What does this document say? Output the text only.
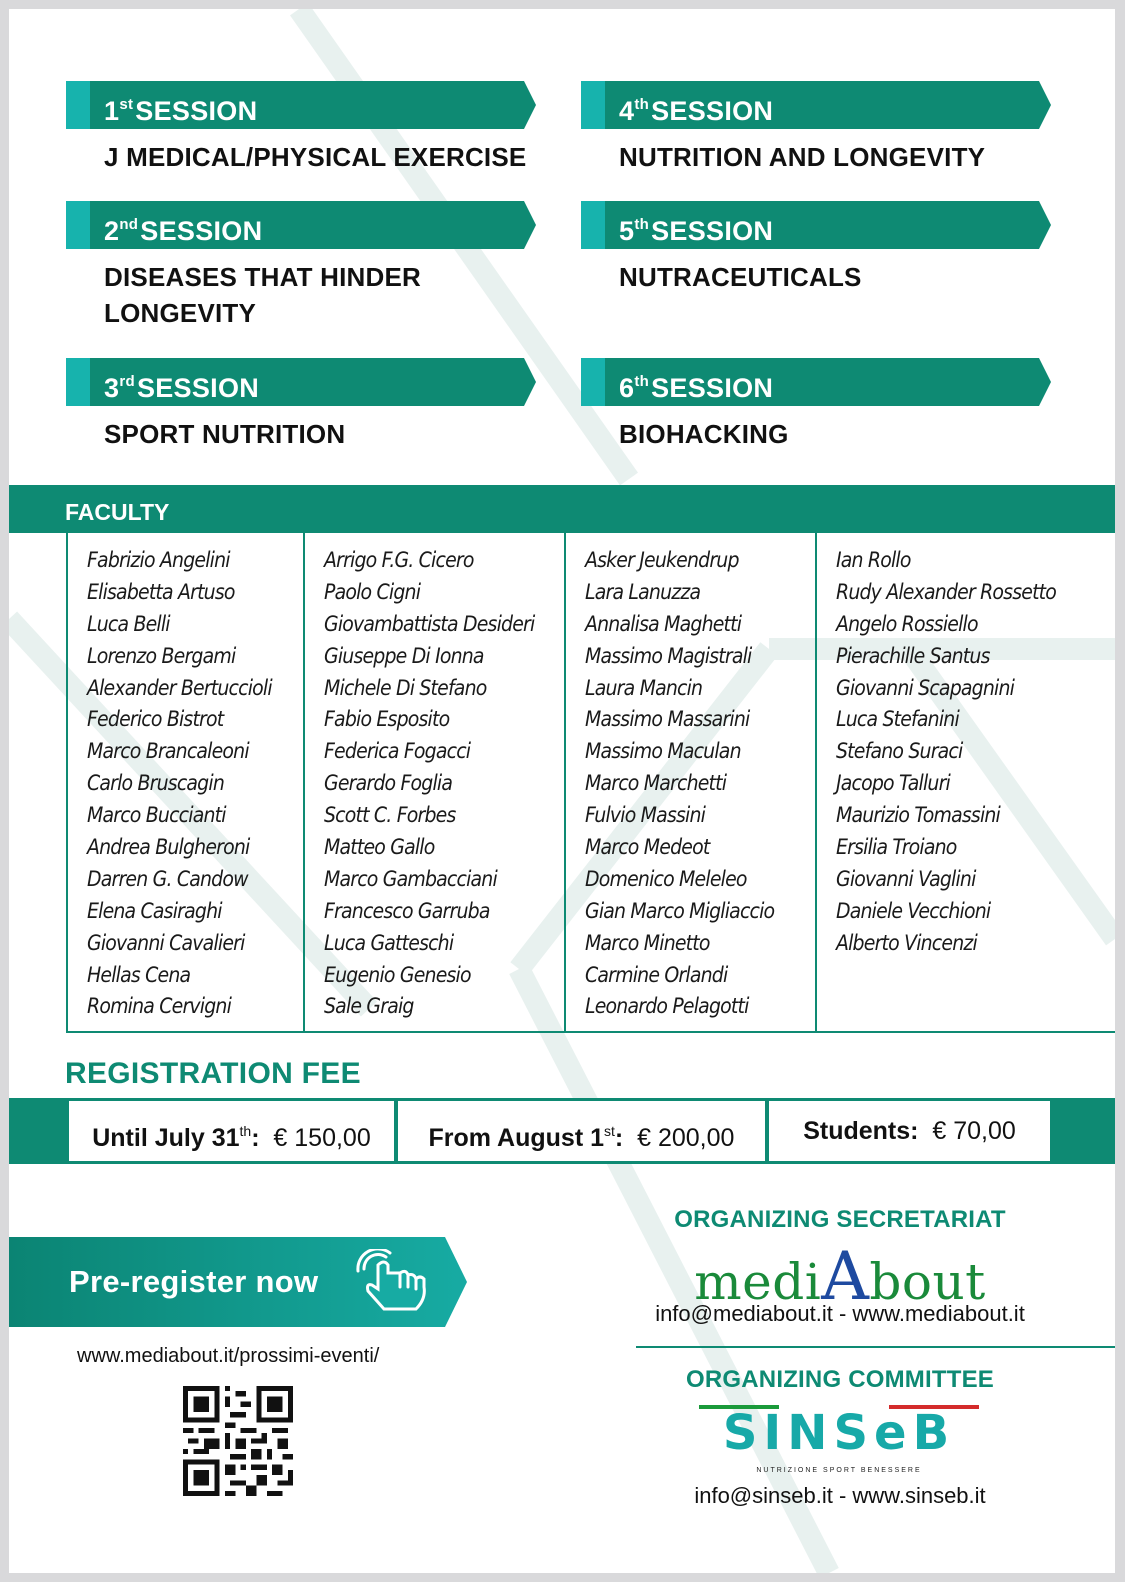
1stSESSION
J MEDICAL/PHYSICAL EXERCISE
2ndSESSION
DISEASES THAT HINDER LONGEVITY
3rdSESSION
SPORT NUTRITION
4thSESSION
NUTRITION AND LONGEVITY
5thSESSION
NUTRACEUTICALS
6thSESSION
BIOHACKING
FACULTY
Fabrizio Angelini
Elisabetta Artuso
Luca Belli
Lorenzo Bergami
Alexander Bertuccioli
Federico Bistrot
Marco Brancaleoni
Carlo Bruscagin
Marco Buccianti
Andrea Bulgheroni
Darren G. Candow
Elena Casiraghi
Giovanni Cavalieri
Hellas Cena
Romina Cervigni
Arrigo F.G. Cicero
Paolo Cigni
Giovambattista Desideri
Giuseppe Di Ionna
Michele Di Stefano
Fabio Esposito
Federica Fogacci
Gerardo Foglia
Scott C. Forbes
Matteo Gallo
Marco Gambacciani
Francesco Garruba
Luca Gatteschi
Eugenio Genesio
Sale Graig
Asker Jeukendrup
Lara Lanuzza
Annalisa Maghetti
Massimo Magistrali
Laura Mancin
Massimo Massarini
Massimo Maculan
Marco Marchetti
Fulvio Massini
Marco Medeot
Domenico Meleleo
Gian Marco Migliaccio
Marco Minetto
Carmine Orlandi
Leonardo Pelagotti
Ian Rollo
Rudy Alexander Rossetto
Angelo Rossiello
Pierachille Santus
Giovanni Scapagnini
Luca Stefanini
Stefano Suraci
Jacopo Talluri
Maurizio Tomassini
Ersilia Troiano
Giovanni Vaglini
Daniele Vecchioni
Alberto Vincenzi
REGISTRATION FEE
Until July 31th: € 150,00	From August 1st: € 200,00	Students: € 70,00
Pre-register now
www.mediabout.it/prossimi-eventi/
ORGANIZING SECRETARIAT
mediAbout
info@mediabout.it - www.mediabout.it
ORGANIZING COMMITTEE
SINSeB
NUTRIZIONE SPORT BENESSERE
info@sinseb.it - www.sinseb.it
